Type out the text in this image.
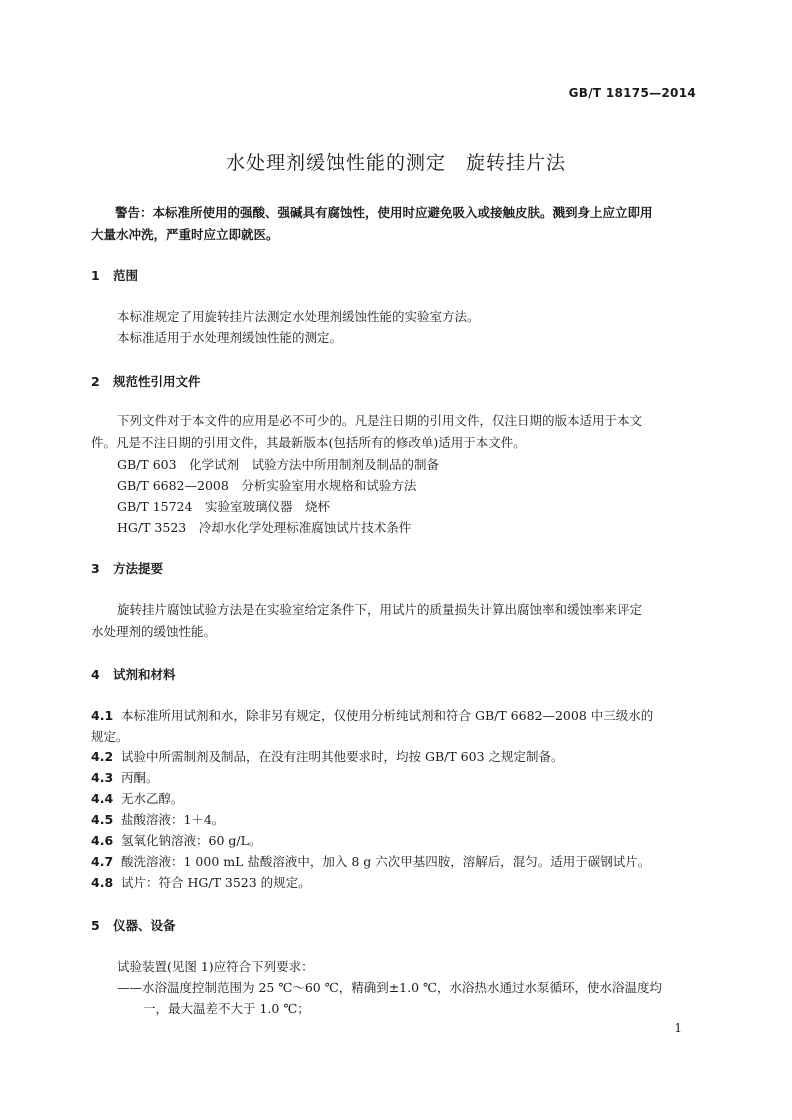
GB/T 18175—2014
水处理剂缓蚀性能的测定　旋转挂片法
警告：本标准所使用的强酸、强碱具有腐蚀性，使用时应避免吸入或接触皮肤。溅到身上应立即用
大量水冲洗，严重时应立即就医。
1 范围
本标准规定了用旋转挂片法测定水处理剂缓蚀性能的实验室方法。
本标准适用于水处理剂缓蚀性能的测定。
2 规范性引用文件
下列文件对于本文件的应用是必不可少的。凡是注日期的引用文件，仅注日期的版本适用于本文
件。凡是不注日期的引用文件，其最新版本(包括所有的修改单)适用于本文件。
GB/T 603　化学试剂　试验方法中所用制剂及制品的制备
GB/T 6682—2008　分析实验室用水规格和试验方法
GB/T 15724　实验室玻璃仪器　烧杯
HG/T 3523　冷却水化学处理标准腐蚀试片技术条件
3 方法提要
旋转挂片腐蚀试验方法是在实验室给定条件下，用试片的质量损失计算出腐蚀率和缓蚀率来评定
水处理剂的缓蚀性能。
4 试剂和材料
4.1 本标准所用试剂和水，除非另有规定，仅使用分析纯试剂和符合 GB/T 6682—2008 中三级水的
规定。
4.2 试验中所需制剂及制品，在没有注明其他要求时，均按 GB/T 603 之规定制备。
4.3 丙酮。
4.4 无水乙醇。
4.5 盐酸溶液：1＋4。
4.6 氢氧化钠溶液：60 g/L。
4.7 酸洗溶液：1 000 mL 盐酸溶液中，加入 8 g 六次甲基四胺，溶解后，混匀。适用于碳钢试片。
4.8 试片：符合 HG/T 3523 的规定。
5 仪器、设备
试验装置(见图 1)应符合下列要求：
——水浴温度控制范围为 25 ℃～60 ℃，精确到±1.0 ℃，水浴热水通过水泵循环，使水浴温度均
一，最大温差不大于 1.0 ℃；
1
